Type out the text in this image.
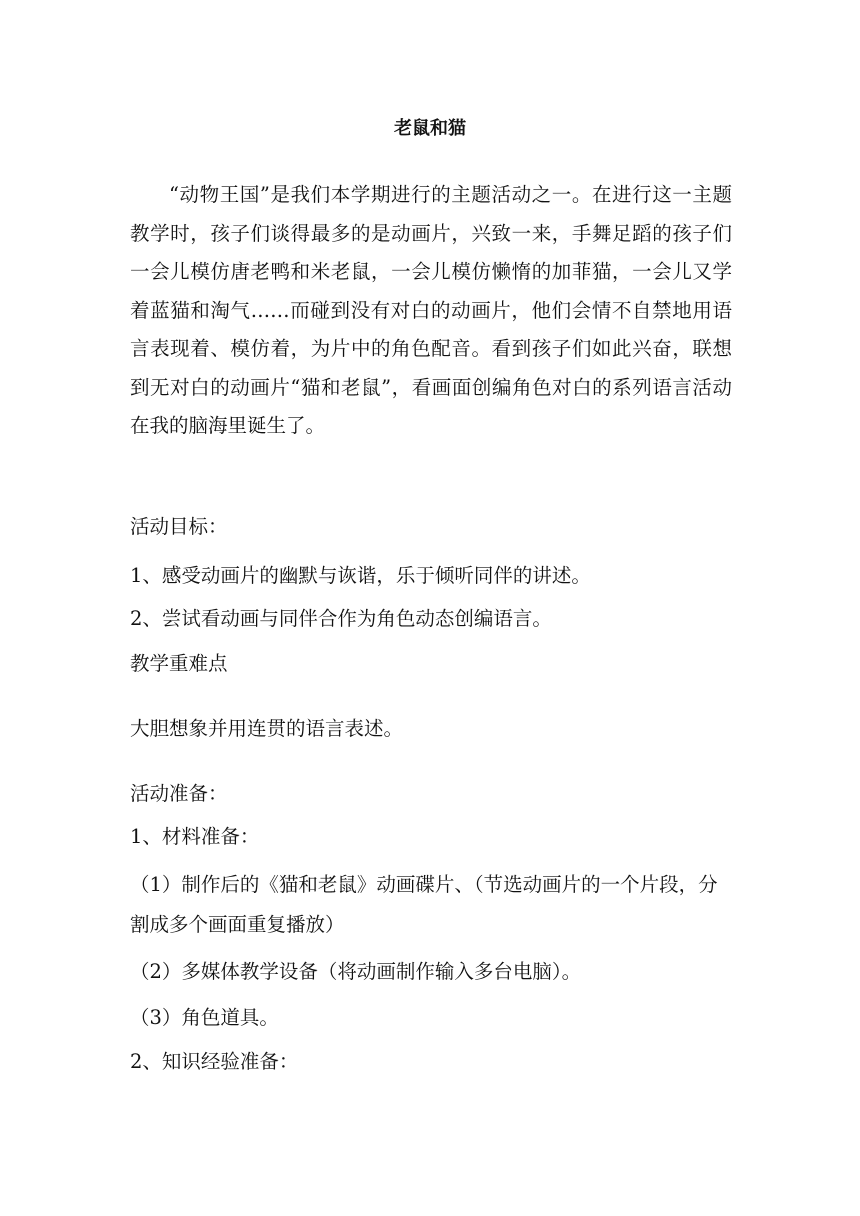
老鼠和猫

“动物王国”是我们本学期进行的主题活动之一。在进行这一主题教学时，孩子们谈得最多的是动画片，兴致一来，手舞足蹈的孩子们一会儿模仿唐老鸭和米老鼠，一会儿模仿懒惰的加菲猫，一会儿又学着蓝猫和淘气……而碰到没有对白的动画片，他们会情不自禁地用语言表现着、模仿着，为片中的角色配音。看到孩子们如此兴奋，联想到无对白的动画片“猫和老鼠”，看画面创编角色对白的系列语言活动在我的脑海里诞生了。

活动目标：

1、感受动画片的幽默与诙谐，乐于倾听同伴的讲述。

2、尝试看动画与同伴合作为角色动态创编语言。

教学重难点

大胆想象并用连贯的语言表述。

活动准备：

1、材料准备：

（1）制作后的《猫和老鼠》动画碟片、（节选动画片的一个片段，分割成多个画面重复播放）

（2）多媒体教学设备（将动画制作输入多台电脑）。

（3）角色道具。

2、知识经验准备：
